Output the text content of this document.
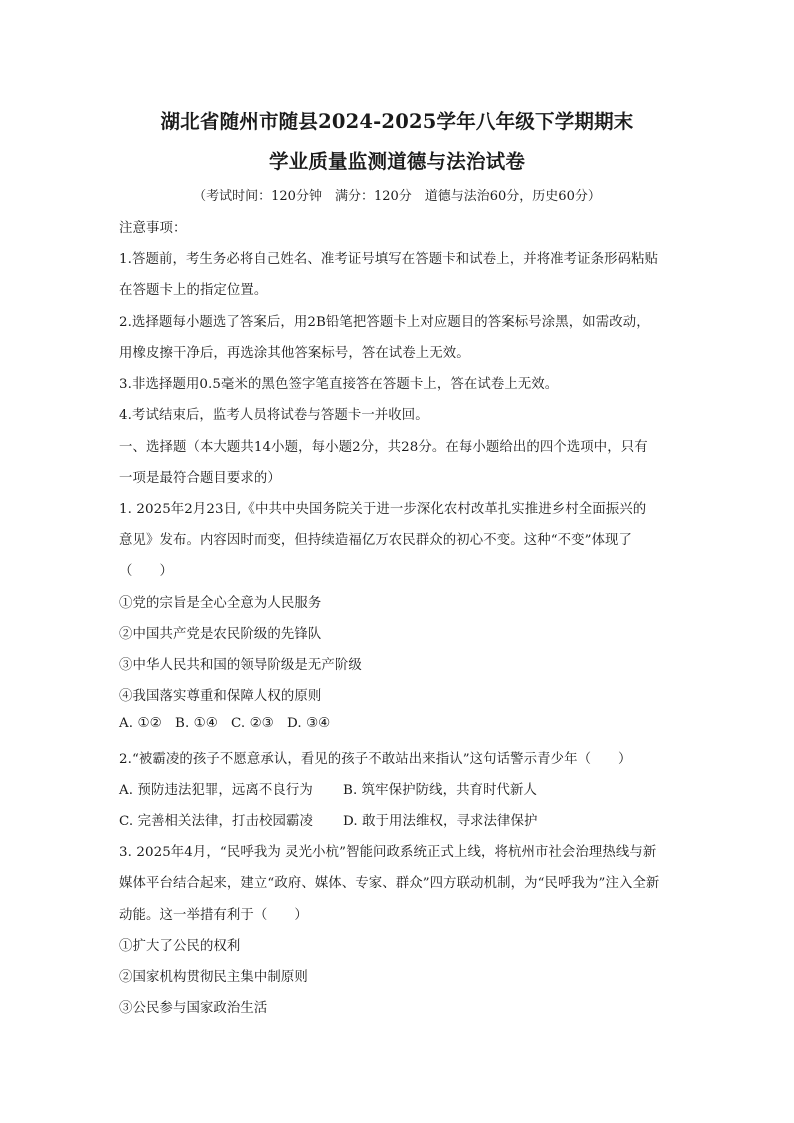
湖北省随州市随县2024-2025学年八年级下学期期末
学业质量监测道德与法治试卷
（考试时间：120分钟　满分：120分　道德与法治60分，历史60分）
注意事项：
1.答题前，考生务必将自己姓名、准考证号填写在答题卡和试卷上，并将准考证条形码粘贴
在答题卡上的指定位置。
2.选择题每小题选了答案后，用2B铅笔把答题卡上对应题目的答案标号涂黑，如需改动，
用橡皮擦干净后，再选涂其他答案标号，答在试卷上无效。
3.非选择题用0.5毫米的黑色签字笔直接答在答题卡上，答在试卷上无效。
4.考试结束后，监考人员将试卷与答题卡一并收回。
一、选择题（本大题共14小题，每小题2分，共28分。在每小题给出的四个选项中，只有
一项是最符合题目要求的）
1. 2025年2月23日,《中共中央国务院关于进一步深化农村改革扎实推进乡村全面振兴的
意见》发布。内容因时而变，但持续造福亿万农民群众的初心不变。这种“不变”体现了
（　　）
①党的宗旨是全心全意为人民服务
②中国共产党是农民阶级的先锋队
③中华人民共和国的领导阶级是无产阶级
④我国落实尊重和保障人权的原则
A. ①② B. ①④ C. ②③ D. ③④
2.“被霸凌的孩子不愿意承认，看见的孩子不敢站出来指认”这句话警示青少年（　　）
A. 预防违法犯罪，远离不良行为 B. 筑牢保护防线，共育时代新人
C. 完善相关法律，打击校园霸凌 D. 敢于用法维权，寻求法律保护
3. 2025年4月，“民呼我为 灵光小杭”智能问政系统正式上线，将杭州市社会治理热线与新
媒体平台结合起来，建立“政府、媒体、专家、群众”四方联动机制，为“民呼我为”注入全新
动能。这一举措有利于（　　）
①扩大了公民的权利
②国家机构贯彻民主集中制原则
③公民参与国家政治生活
